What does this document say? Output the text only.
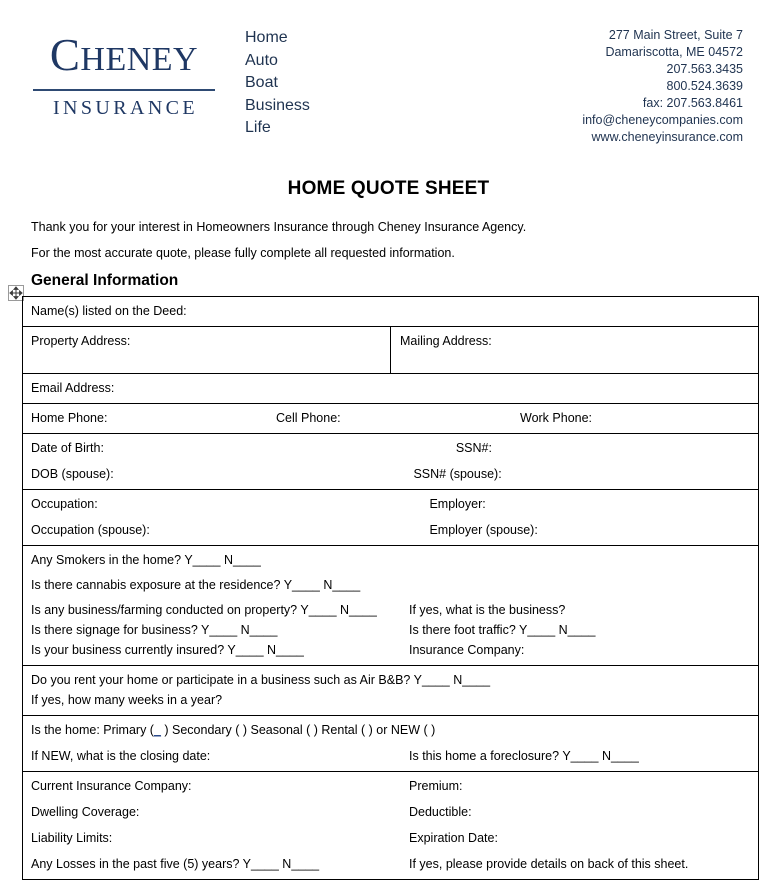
CHENEY
INSURANCE
Home
Auto
Boat
Business
Life
277 Main Street, Suite 7
Damariscotta, ME 04572
207.563.3435
800.524.3639
fax: 207.563.8461
info@cheneycompanies.com
www.cheneyinsurance.com
HOME QUOTE SHEET
Thank you for your interest in Homeowners Insurance through Cheney Insurance Agency.
For the most accurate quote, please fully complete all requested information.
General Information
Name(s) listed on the Deed:

Property Address:	Mailing Address:

Email Address:

Home Phone:	Cell Phone:	Work Phone:

Date of Birth:	SSN#:
DOB (spouse):	SSN# (spouse):

Occupation:	Employer:
Occupation (spouse):	Employer (spouse):

Any Smokers in the home? Y____ N____
Is there cannabis exposure at the residence? Y____ N____
Is any business/farming conducted on property? Y____ N____	If yes, what is the business?
Is there signage for business? Y____ N____	Is there foot traffic? Y____ N____
Is your business currently insured? Y____ N____	Insurance Company:

Do you rent your home or participate in a business such as Air B&B? Y____ N____
If yes, how many weeks in a year?

Is the home: Primary (_ ) Secondary ( ) Seasonal ( ) Rental ( ) or NEW ( )
If NEW, what is the closing date:	Is this home a foreclosure? Y____ N____

Current Insurance Company:	Premium:
Dwelling Coverage:	Deductible:
Liability Limits:	Expiration Date:
Any Losses in the past five (5) years? Y____ N____	If yes, please provide details on back of this sheet.
